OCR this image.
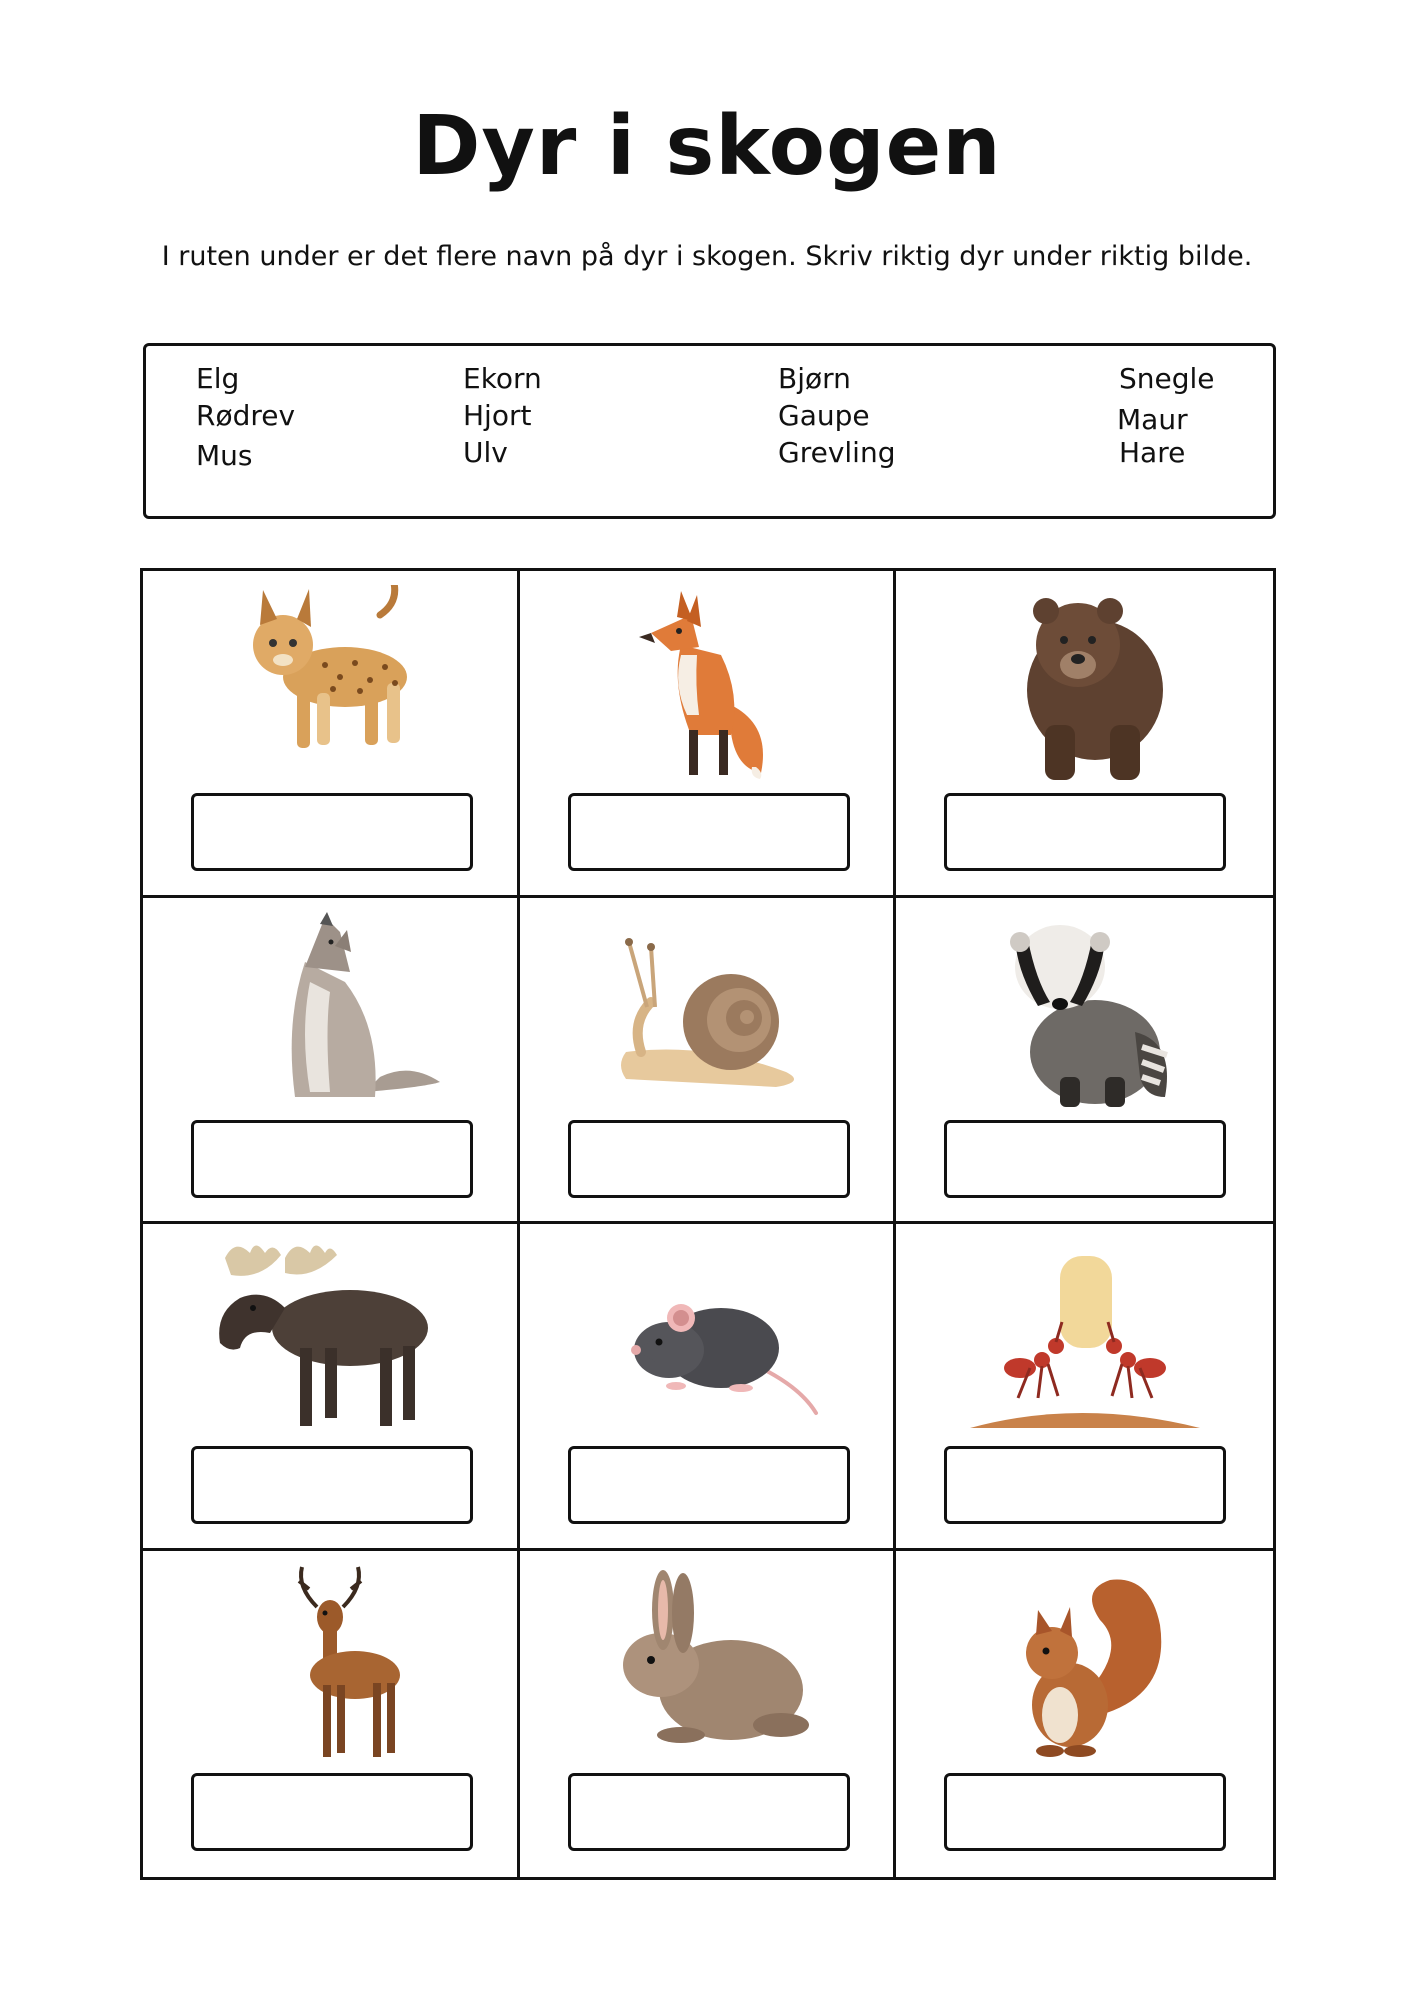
Dyr i skogen
I ruten under er det flere navn på dyr i skogen. Skriv riktig dyr under riktig bilde.
Elg
Rødrev
Mus
Ekorn
Hjort
Ulv
Bjørn
Gaupe
Grevling
Snegle
Maur
Hare
